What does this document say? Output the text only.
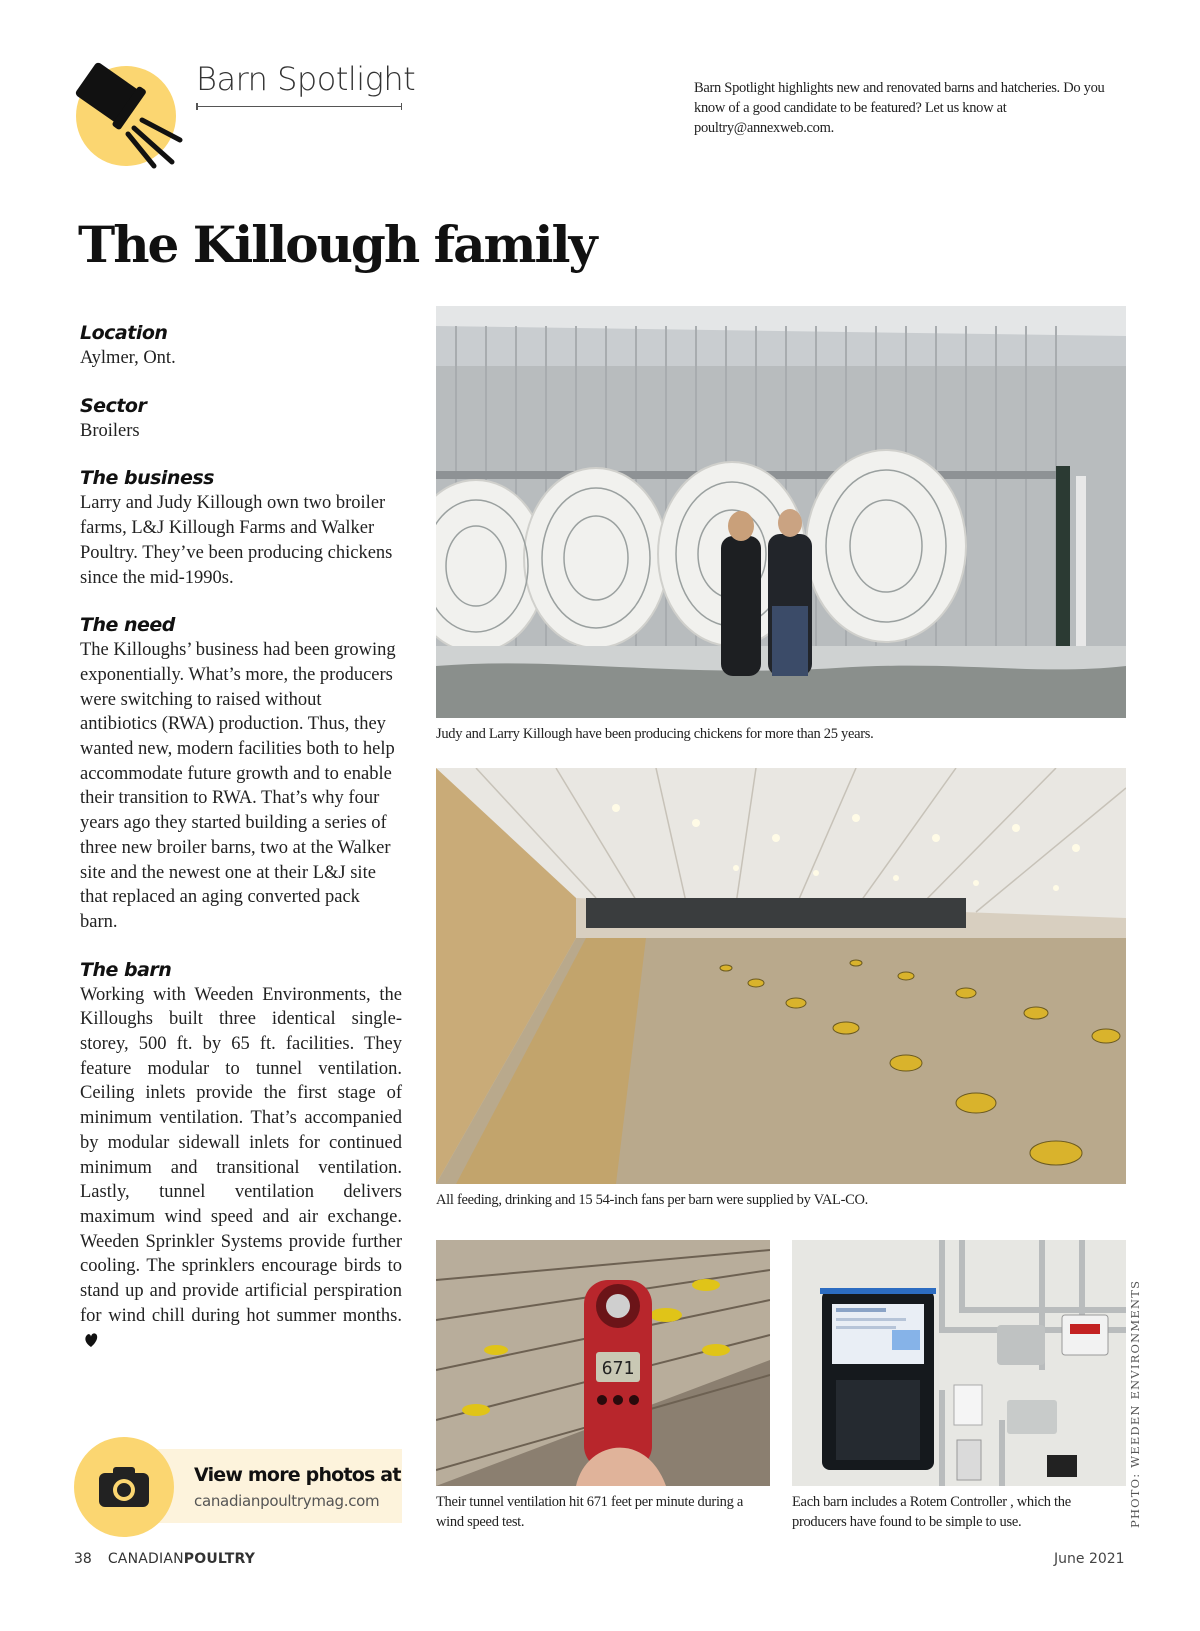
Barn Spotlight	Barn Spotlight highlights new and renovated barns and hatcheries. Do you know of a good candidate to be featured? Let us know at poultry@annexweb.com.
The Killough family
Location
Aylmer, Ont.
Sector
Broilers
The business
Larry and Judy Killough own two broiler farms, L&J Killough Farms and Walker Poultry. They’ve been producing chickens since the mid-1990s.
The need
The Killoughs’ business had been growing exponentially. What’s more, the producers were switching to raised without antibiotics (RWA) production. Thus, they wanted new, modern facilities both to help accommodate future growth and to enable their transition to RWA. That’s why four years ago they started building a series of three new broiler barns, two at the Walker site and the newest one at their L&J site that replaced an aging converted pack barn.
The barn
Working with Weeden Environments, the Killoughs built three identical single-storey, 500 ft. by 65 ft. facilities. They feature modular to tunnel ventilation. Ceiling inlets provide the first stage of minimum ventilation. That’s accompanied by modular sidewall inlets for continued minimum and transitional ventilation. Lastly, tunnel ventilation delivers maximum wind speed and air exchange. Weeden Sprinkler Systems provide further cooling. The sprinklers encourage birds to stand up and provide artificial perspiration for wind chill during hot summer months.
View more photos at
canadianpoultrymag.com
Judy and Larry Killough have been producing chickens for more than 25 years.
All feeding, drinking and 15 54-inch fans per barn were supplied by VAL-CO.
671
Their tunnel ventilation hit 671 feet per minute during a wind speed test.
Each barn includes a Rotem Controller , which the producers have found to be simple to use.	PHOTO: WEEDEN ENVIRONMENTS
38 CANADIANPOULTRY	June 2021
